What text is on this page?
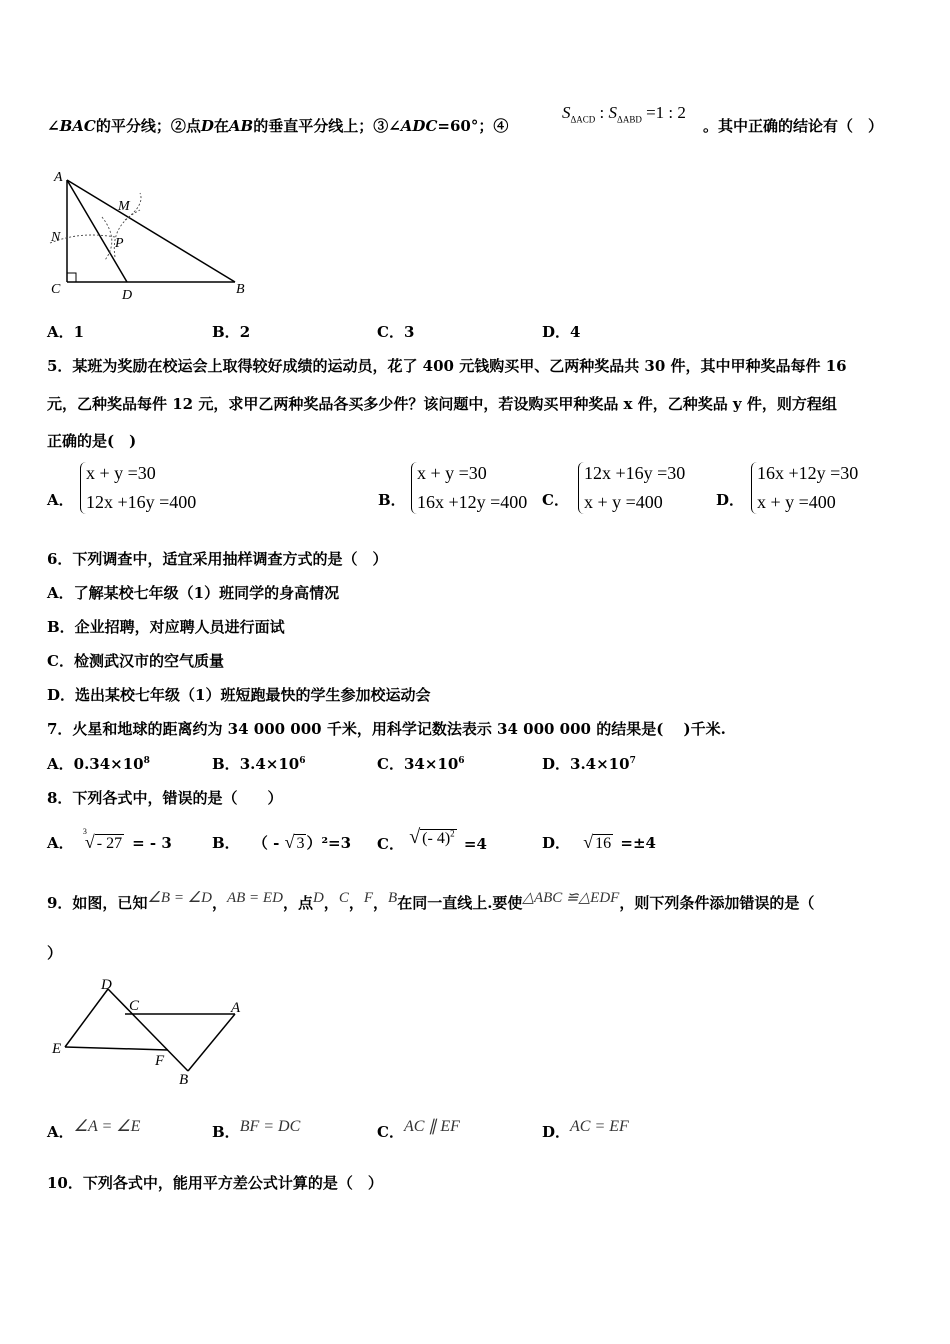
∠BAC的平分线；②点D在AB的垂直平分线上；③∠ADC=60°；④
$S_{\Delta ACD}$ : $S_{\Delta ABD} =1$ : 2
。其中正确的结论有（　）
A
M
N	P
C	D	B
A．1	B．2	C．3	D．4
5．某班为奖励在校运会上取得较好成绩的运动员，花了 400 元钱购买甲、乙两种奖品共 30 件，其中甲种奖品每件 16
元，乙种奖品每件 12 元，求甲乙两种奖品各买多少件？该问题中，若设购买甲种奖品 x 件，乙种奖品 y 件，则方程组
正确的是(　)
A．
x + y =30
12x +16y =400	B．
x + y =30
16x +12y =400 C．
12x +16y =30
x + y =400	D．
16x +12y =30
x + y =400
6．下列调查中，适宜采用抽样调查方式的是（　）
A．了解某校七年级（1）班同学的身高情况
B．企业招聘，对应聘人员进行面试
C．检测武汉市的空气质量
D．选出某校七年级（1）班短跑最快的学生参加校运动会
7．火星和地球的距离约为 34 000 000 千米，用科学记数法表示 34 000 000 的结果是(　 )千米.
A．$0.34\times 10^8$	B．$3.4\times 10^6$	C．$34\times 10^6$	D．$3.4\times 10^7$
8．下列各式中，错误的是（　　）
A．
3
√ - 27 = - 3	B． （ - √ 3 ）²=3 C． √ (- 4)$^2$ =4	D． √ 16 =±4
9．如图，已知∠B = ∠D，AB = ED，点D，C，F，B在同一直线上.要使△ABC ≌△EDF，则下列条件添加错误的是（
）
D
C	A
E
F
B
A．∠A = ∠E	B．BF = DC	C．AC ∥ EF	D．AC = EF
10．下列各式中，能用平方差公式计算的是（　）
